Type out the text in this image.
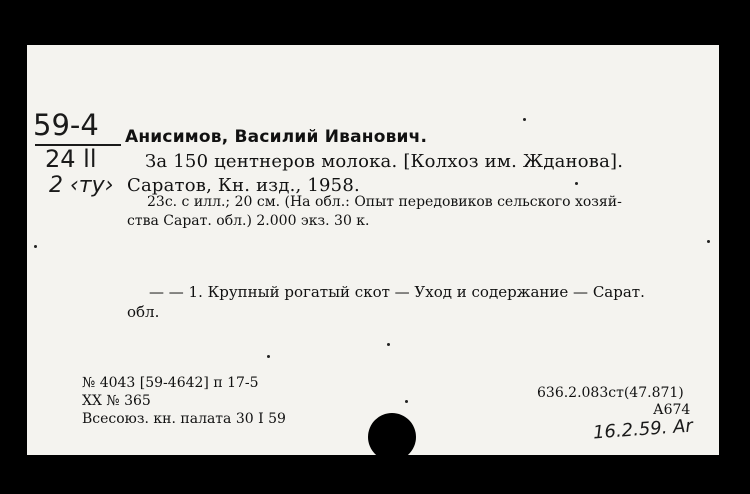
59-4
24 ll
2 ‹ту›
Анисимов, Василий Иванович.
За 150 центнеров молока. [Колхоз им. Жданова].
Саратов, Кн. изд., 1958.
23с. с илл.; 20 см. (На обл.: Опыт передовиков сельского хозяй-
ства Сарат. обл.) 2.000 экз. 30 к.
— — 1. Крупный рогатый скот — Уход и содержание — Сарат.
обл.
№ 4043 [59-4642] п 17-5
XX № 365
Всесоюз. кн. палата 30 I 59
636.2.083ст(47.871)
А674
16.2.59. Ar
